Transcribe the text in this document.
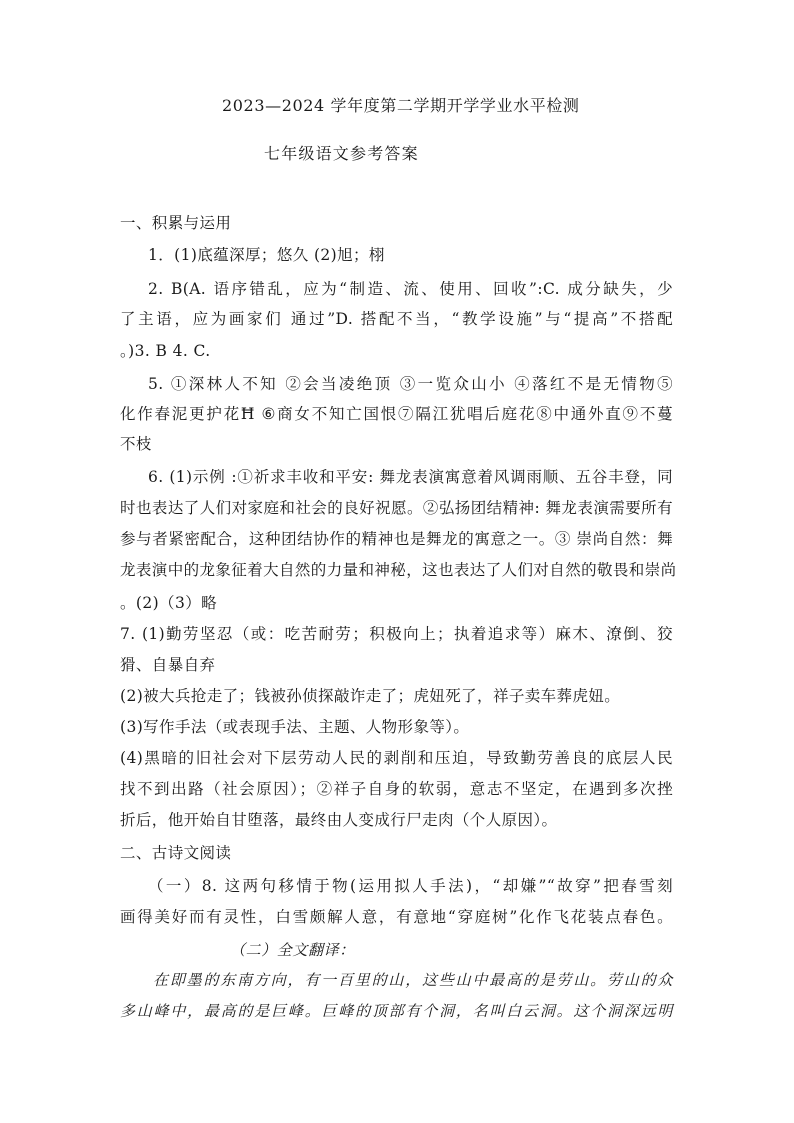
2023—2024 学年度第二学期开学学业水平检测
七年级语文参考答案
一、积累与运用
1．(1)底蕴深厚；悠久 (2)旭；栩
2. B(A. 语序错乱，应为“制造、流、使用、回收”:C. 成分缺失，少
了主语，应为画家们 通过”D. 搭配不当，“教学设施”与“提高”不搭配
。)3. B 4. C.
5. ①深林人不知 ②会当凌绝顶 ③一览众山小 ④落红不是无情物⑤
化作春泥更护花Ħ ⑥商女不知亡国恨⑦隔江犹唱后庭花⑧中通外直⑨不蔓
不枝
6. (1)示例 :①祈求丰收和平安: 舞龙表演寓意着风调雨顺、五谷丰登，同
时也表达了人们对家庭和社会的良好祝愿。②弘扬团结精神: 舞龙表演需要所有
参与者紧密配合，这种团结协作的精神也是舞龙的寓意之一。③ 崇尚自然：舞
龙表演中的龙象征着大自然的力量和神秘，这也表达了人们对自然的敬畏和崇尚
。(2)（3）略
7. (1)勤劳坚忍（或：吃苦耐劳；积极向上；执着追求等）麻木、潦倒、狡
猾、自暴自弃
(2)被大兵抢走了；钱被孙侦探敲诈走了；虎妞死了，祥子卖车葬虎妞。
(3)写作手法（或表现手法、主题、人物形象等）。
(4)黑暗的旧社会对下层劳动人民的剥削和压迫，导致勤劳善良的底层人民
找不到出路（社会原因）；②祥子自身的软弱，意志不坚定，在遇到多次挫
折后，他开始自甘堕落，最终由人变成行尸走肉（个人原因）。
二、古诗文阅读
（一）8. 这两句移情于物(运用拟人手法)，“却嫌”“故穿”把春雪刻
画得美好而有灵性，白雪颇解人意，有意地“穿庭树”化作飞花装点春色。
（二）全文翻译：
在即墨的东南方向，有一百里的山，这些山中最高的是劳山。劳山的众
多山峰中，最高的是巨峰。巨峰的顶部有个洞，名叫白云洞。这个洞深远明
